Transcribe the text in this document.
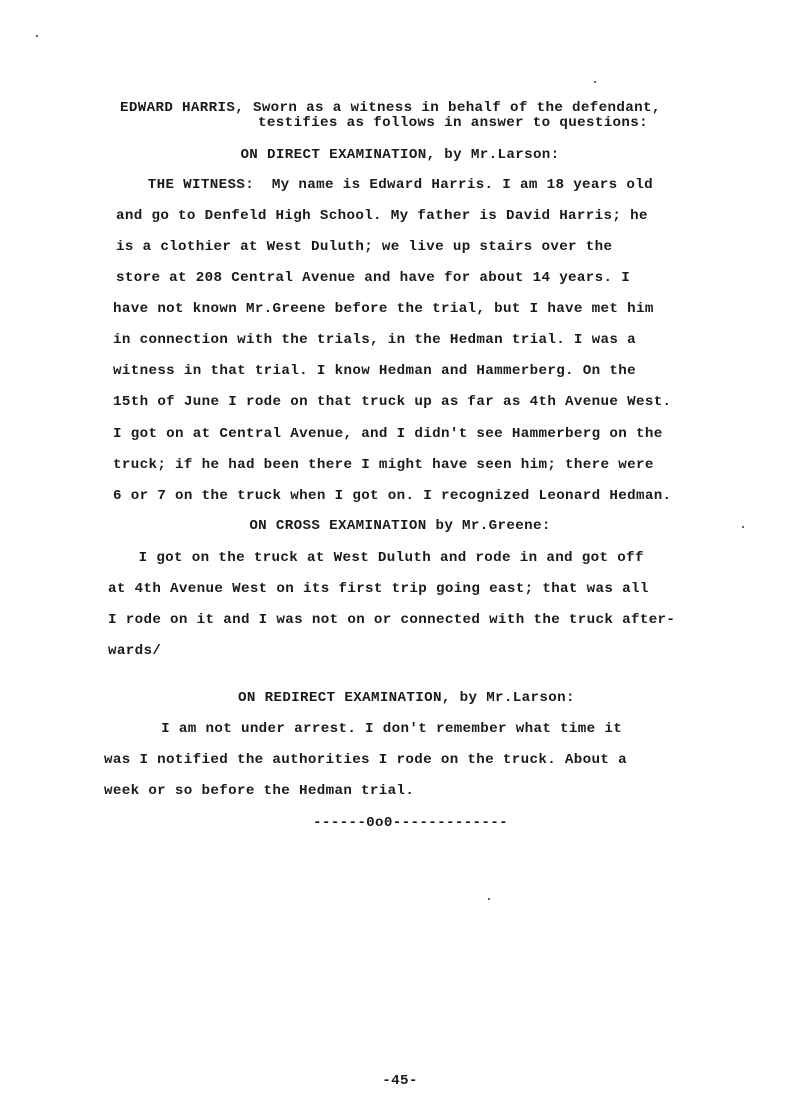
EDWARD HARRIS, Sworn as a witness in behalf of the defendant,
testifies as follows in answer to questions:
ON DIRECT EXAMINATION, by Mr.Larson:
THE WITNESS:  My name is Edward Harris. I am 18 years old
and go to Denfeld High School. My father is David Harris; he
is a clothier at West Duluth; we live up stairs over the
store at 208 Central Avenue and have for about 14 years. I
have not known Mr.Greene before the trial, but I have met him
in connection with the trials, in the Hedman trial. I was a
witness in that trial. I know Hedman and Hammerberg. On the
15th of June I rode on that truck up as far as 4th Avenue West.
I got on at Central Avenue, and I didn't see Hammerberg on the
truck; if he had been there I might have seen him; there were
6 or 7 on the truck when I got on. I recognized Leonard Hedman.
ON CROSS EXAMINATION by Mr.Greene:
I got on the truck at West Duluth and rode in and got off
at 4th Avenue West on its first trip going east; that was all
I rode on it and I was not on or connected with the truck after-
wards/
ON REDIRECT EXAMINATION, by Mr.Larson:
I am not under arrest. I don't remember what time it
was I notified the authorities I rode on the truck. About a
week or so before the Hedman trial.
------0o0-------------
-45-
